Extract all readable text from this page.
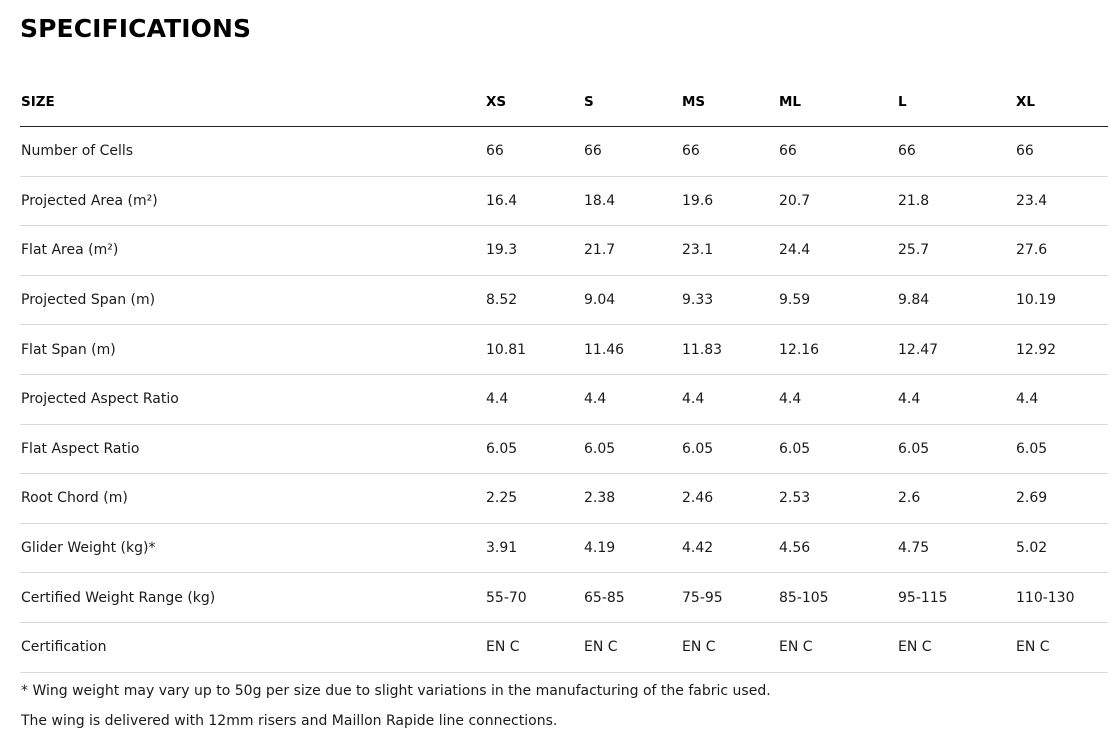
SPECIFICATIONS
SIZE	XS	S	MS	ML	L	XL
Number of Cells	66	66	66	66	66	66
Projected Area (m²)	16.4	18.4	19.6	20.7	21.8	23.4
Flat Area (m²)	19.3	21.7	23.1	24.4	25.7	27.6
Projected Span (m)	8.52	9.04	9.33	9.59	9.84	10.19
Flat Span (m)	10.81	11.46	11.83	12.16	12.47	12.92
Projected Aspect Ratio	4.4	4.4	4.4	4.4	4.4	4.4
Flat Aspect Ratio	6.05	6.05	6.05	6.05	6.05	6.05
Root Chord (m)	2.25	2.38	2.46	2.53	2.6	2.69
Glider Weight (kg)*	3.91	4.19	4.42	4.56	4.75	5.02
Certified Weight Range (kg)	55-70	65-85	75-95	85-105	95-115	110-130
Certification	EN C	EN C	EN C	EN C	EN C	EN C

* Wing weight may vary up to 50g per size due to slight variations in the manufacturing of the fabric used.

The wing is delivered with 12mm risers and Maillon Rapide line connections.
